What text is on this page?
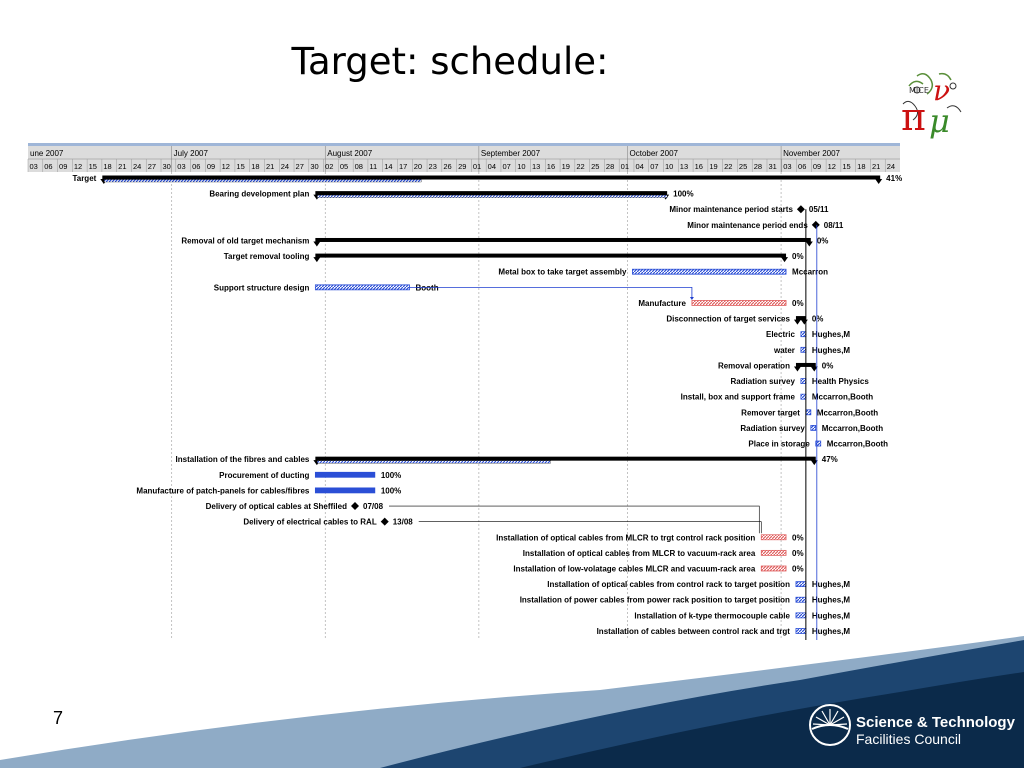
Target: schedule:
MICE ν
π μ
une 2007	July 2007	August 2007	September 2007	October 2007	November 2007
03 06 09 12 15 18 21 24 27 30 03 06 09 12 15 18 21 24 27 30 02 05 08 11 14 17 20 23 26 29 01 04 07 10 13 16 19 22 25 28 01 04 07 10 13 16 19 22 25 28 31 03 06 09 12 15 18 21 24
Target	41%
Bearing development plan	100%
Minor maintenance period starts 05/11
Minor maintenance period ends 08/11
Removal of old target mechanism	0%
Target removal tooling	0%
Metal box to take target assembly	Mccarron
Support structure design	Booth
Manufacture	0%
Disconnection of target services	0%
Electric Hughes,M
water Hughes,M
Removal operation	0%
Radiation survey Health Physics
Install, box and support frame Mccarron,Booth
Remover target Mccarron,Booth
Radiation survey Mccarron,Booth
Place in storage Mccarron,Booth
Installation of the fibres and cables	47%
Procurement of ducting	100%
Manufacture of patch-panels for cables/fibres	100%
Delivery of optical cables at Sheffiled 07/08
Delivery of electrical cables to RAL 13/08
Installation of optical cables from MLCR to trgt control rack position	0%
Installation of optical cables from MLCR to vacuum-rack area	0%
Installation of low-volatage cables MLCR and vacuum-rack area	0%
Installation of optical cables from control rack to target position	Hughes,M
Installation of power cables from power rack position to target position	Hughes,M
Installation of k-type thermocouple cable	Hughes,M
Installation of cables between control rack and trgt	Hughes,M
Science & Technology
Facilities Council
7
